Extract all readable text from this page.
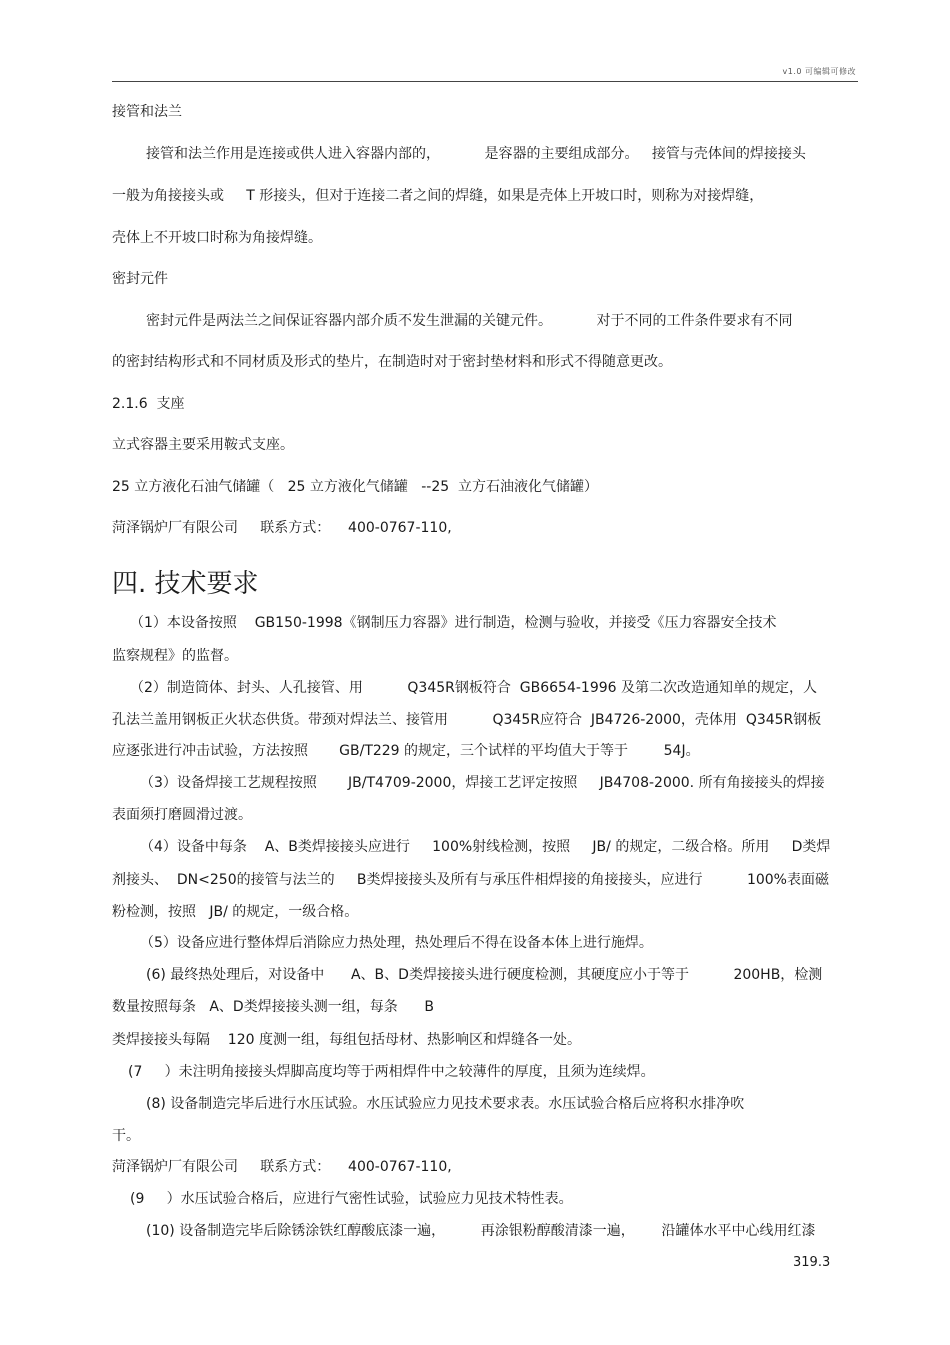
v1.0 可编辑可修改
接管和法兰
接管和法兰作用是连接或供人进入容器内部的，          是容器的主要组成部分。   接管与壳体间的焊接接头
一般为角接接头或     T 形接头，但对于连接二者之间的焊缝，如果是壳体上开坡口时，则称为对接焊缝，
壳体上不开坡口时称为角接焊缝。
密封元件
密封元件是两法兰之间保证容器内部介质不发生泄漏的关键元件。          对于不同的工件条件要求有不同
的密封结构形式和不同材质及形式的垫片，在制造时对于密封垫材料和形式不得随意更改。
2.1.6  支座
立式容器主要采用鞍式支座。
25 立方液化石油气储罐（   25 立方液化气储罐   --25  立方石油液化气储罐）
菏泽锅炉厂有限公司     联系方式：    400-0767-110,
四. 技术要求
（1）本设备按照    GB150-1998《钢制压力容器》进行制造，检测与验收，并接受《压力容器安全技术
监察规程》的监督。
（2）制造筒体、封头、人孔接管、用          Q345R钢板符合  GB6654-1996 及第二次改造通知单的规定，人
孔法兰盖用钢板正火状态供货。带颈对焊法兰、接管用          Q345R应符合  JB4726-2000，壳体用  Q345R钢板
应逐张进行冲击试验，方法按照       GB/T229 的规定，三个试样的平均值大于等于        54J。
（3）设备焊接工艺规程按照       JB/T4709-2000，焊接工艺评定按照     JB4708-2000. 所有角接接头的焊接
表面须打磨圆滑过渡。
（4）设备中每条    A、B类焊接接头应进行     100%射线检测，按照     JB/ 的规定，二级合格。所用     D类焊
剂接头、  DN<250的接管与法兰的     B类焊接接头及所有与承压件相焊接的角接接头，应进行          100%表面磁
粉检测，按照   JB/ 的规定，一级合格。
（5）设备应进行整体焊后消除应力热处理，热处理后不得在设备本体上进行施焊。
(6) 最终热处理后，对设备中      A、B、D类焊接接头进行硬度检测，其硬度应小于等于          200HB，检测
数量按照每条   A、D类焊接接头测一组，每条      B
类焊接接头每隔    120 度测一组，每组包括母材、热影响区和焊缝各一处。
(7     ）未注明角接接头焊脚高度均等于两相焊件中之较薄件的厚度，且须为连续焊。
(8) 设备制造完毕后进行水压试验。水压试验应力见技术要求表。水压试验合格后应将积水排净吹
干。
菏泽锅炉厂有限公司     联系方式：    400-0767-110,
(9     ）水压试验合格后，应进行气密性试验，试验应力见技术特性表。
(10) 设备制造完毕后除锈涂铁红醇酸底漆一遍，        再涂银粉醇酸清漆一遍，      沿罐体水平中心线用红漆
319.3
